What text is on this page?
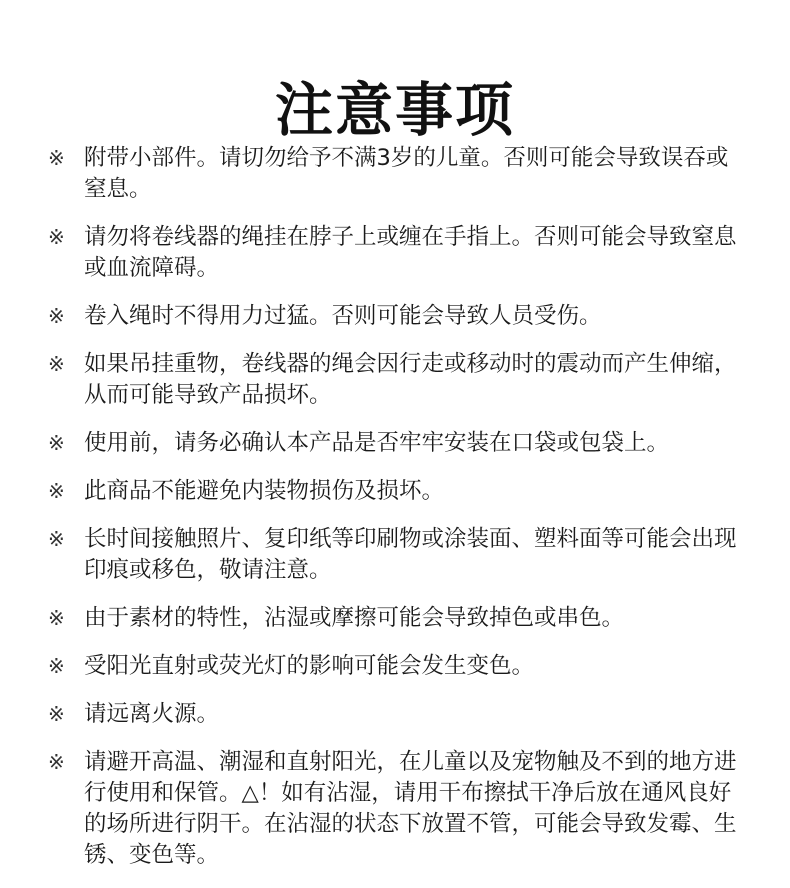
注意事项
※ 附带小部件。请切勿给予不满3岁的儿童。否则可能会导致误吞或窒息。
※ 请勿将卷线器的绳挂在脖子上或缠在手指上。否则可能会导致窒息或血流障碍。
※ 卷入绳时不得用力过猛。否则可能会导致人员受伤。
※ 如果吊挂重物，卷线器的绳会因行走或移动时的震动而产生伸缩，从而可能导致产品损坏。
※ 使用前，请务必确认本产品是否牢牢安装在口袋或包袋上。
※ 此商品不能避免内装物损伤及损坏。
※ 长时间接触照片、复印纸等印刷物或涂装面、塑料面等可能会出现印痕或移色，敬请注意。
※ 由于素材的特性，沾湿或摩擦可能会导致掉色或串色。
※ 受阳光直射或荧光灯的影响可能会发生变色。
※ 请远离火源。
※ 请避开高温、潮湿和直射阳光，在儿童以及宠物触及不到的地方进行使用和保管。△！如有沾湿，请用干布擦拭干净后放在通风良好的场所进行阴干。在沾湿的状态下放置不管，可能会导致发霉、生锈、变色等。
